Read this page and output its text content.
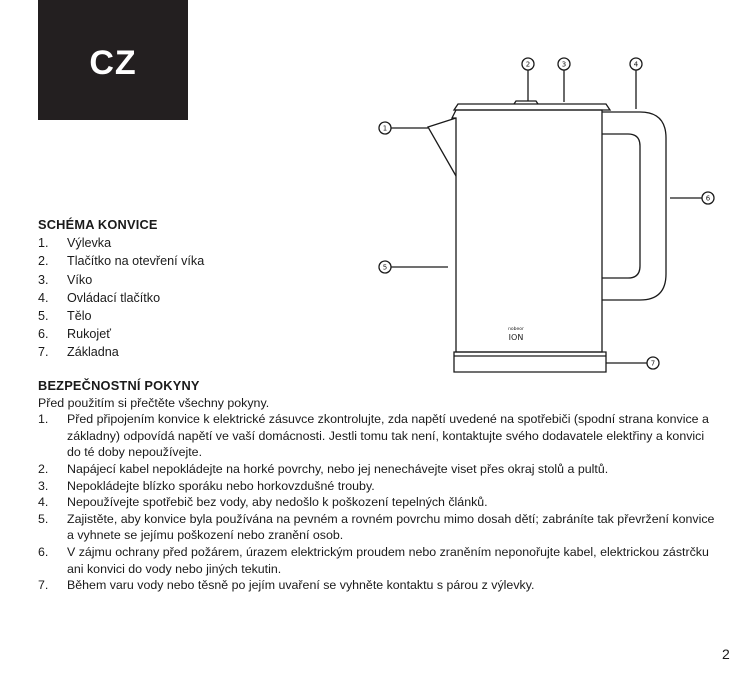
CZ
1
2	3	4
5
6
7
nobeor
ION
SCHÉMA KONVICE
1.	Výlevka
2.	Tlačítko na otevření víka
3.	Víko
4.	Ovládací tlačítko
5.	Tělo
6.	Rukojeť
7.	Základna
BEZPEČNOSTNÍ POKYNY

Před použitím si přečtěte všechny pokyny.

1.	Před připojením konvice k elektrické zásuvce zkontrolujte, zda napětí uvedené na spotřebiči (spodní strana konvice a základny) odpovídá napětí ve vaší domácnosti. Jestli tomu tak není, kontaktujte svého dodavatele elektřiny a konvici do té doby nepoužívejte.
2.	Napájecí kabel nepokládejte na horké povrchy, nebo jej nenechávejte viset přes okraj stolů a pultů.
3.	Nepokládejte blízko sporáku nebo horkovzdušné trouby.
4.	Nepoužívejte spotřebič bez vody, aby nedošlo k poškození tepelných článků.
5.	Zajistěte, aby konvice byla používána na pevném a rovném povrchu mimo dosah dětí; zabráníte tak převržení konvice a vyhnete se jejímu poškození nebo zranění osob.
6.	V zájmu ochrany před požárem, úrazem elektrickým proudem nebo zraněním neponořujte kabel, elektrickou zástrčku ani konvici do vody nebo jiných tekutin.
7.	Během varu vody nebo těsně po jejím uvaření se vyhněte kontaktu s párou z výlevky.
2
